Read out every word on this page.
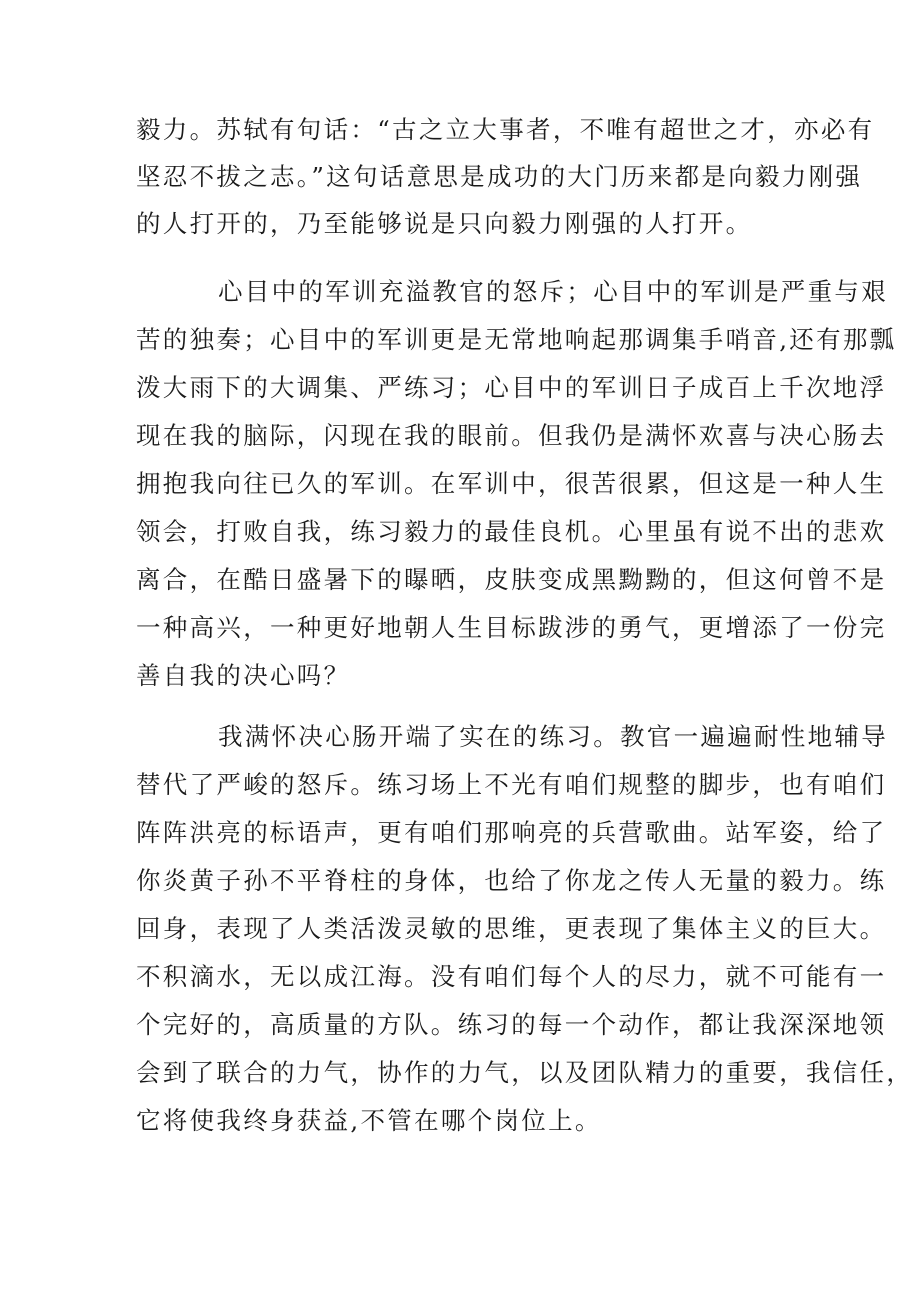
毅力。苏轼有句话：“古之立大事者，不唯有超世之才，亦必有
坚忍不拔之志。”这句话意思是成功的大门历来都是向毅力刚强
的人打开的，乃至能够说是只向毅力刚强的人打开。
心目中的军训充溢教官的怒斥；心目中的军训是严重与艰
苦的独奏；心目中的军训更是无常地响起那调集手哨音,还有那瓢
泼大雨下的大调集、严练习；心目中的军训日子成百上千次地浮
现在我的脑际，闪现在我的眼前。但我仍是满怀欢喜与决心肠去
拥抱我向往已久的军训。在军训中，很苦很累，但这是一种人生
领会，打败自我，练习毅力的最佳良机。心里虽有说不出的悲欢
离合，在酷日盛暑下的曝晒，皮肤变成黑黝黝的，但这何曾不是
一种高兴，一种更好地朝人生目标跋涉的勇气，更增添了一份完
善自我的决心吗？
我满怀决心肠开端了实在的练习。教官一遍遍耐性地辅导
替代了严峻的怒斥。练习场上不光有咱们规整的脚步，也有咱们
阵阵洪亮的标语声，更有咱们那响亮的兵营歌曲。站军姿，给了
你炎黄子孙不平脊柱的身体，也给了你龙之传人无量的毅力。练
回身，表现了人类活泼灵敏的思维，更表现了集体主义的巨大。
不积滴水，无以成江海。没有咱们每个人的尽力，就不可能有一
个完好的，高质量的方队。练习的每一个动作，都让我深深地领
会到了联合的力气，协作的力气，以及团队精力的重要，我信任，
它将使我终身获益,不管在哪个岗位上。
